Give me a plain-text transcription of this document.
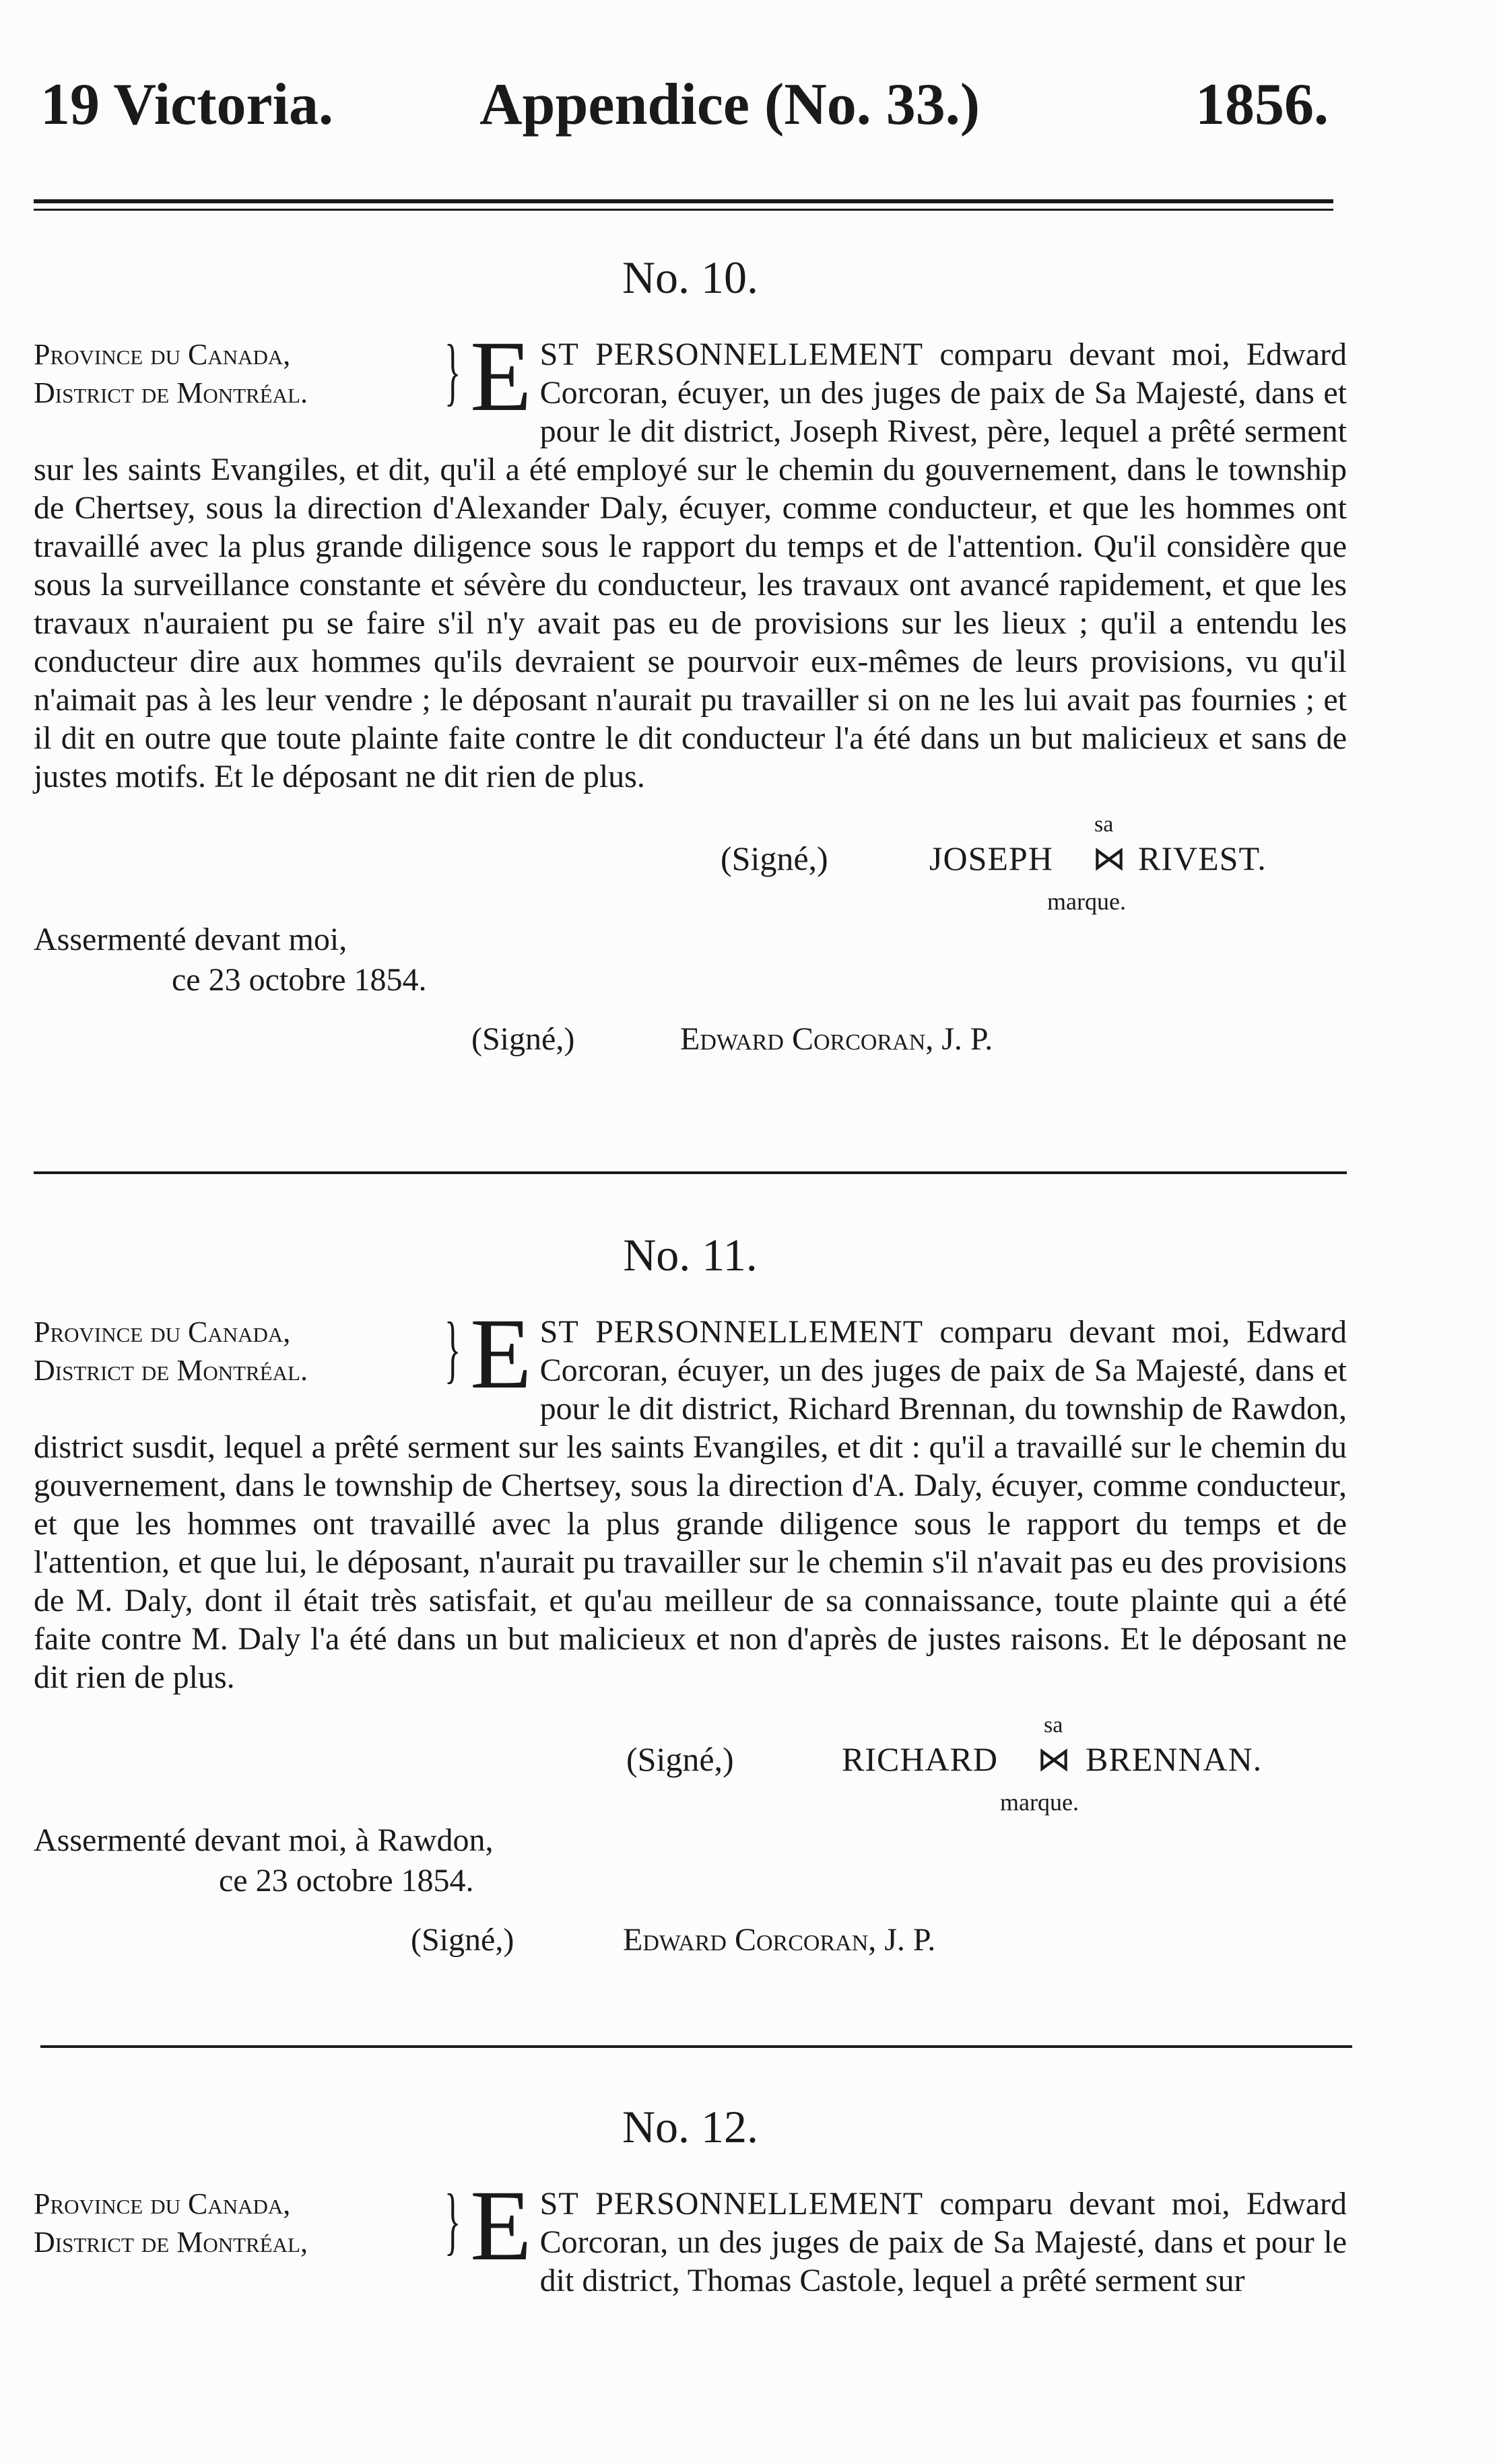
19 Victoria. Appendice (No. 33.)	1856.
No. 10.
Province du Canada,
District de Montréal.	} E ST PERSONNELLEMENT comparu devant moi, Edward Corcoran, écuyer, un des juges de paix de Sa Majesté, dans et pour le dit district, Joseph Rivest, père, lequel a prêté serment sur les saints Evangiles, et dit, qu'il a été employé sur le chemin du gouvernement, dans le township de Chertsey, sous la direction d'Alexander Daly, écuyer, comme conducteur, et que les hommes ont travaillé avec la plus grande diligence sous le rapport du temps et de l'attention. Qu'il considère que sous la surveillance constante et sévère du conducteur, les travaux ont avancé rapidement, et que les travaux n'auraient pu se faire s'il n'y avait pas eu de provisions sur les lieux ; qu'il a entendu les conducteur dire aux hommes qu'ils devraient se pourvoir eux-mêmes de leurs provisions, vu qu'il n'aimait pas à les leur vendre ; le déposant n'aurait pu travailler si on ne les lui avait pas fournies ; et il dit en outre que toute plainte faite contre le dit conducteur l'a été dans un but malicieux et sans de justes motifs. Et le déposant ne dit rien de plus.
(Signé,)	JOSEPH
sa
⋈ RIVEST.
marque.
Assermenté devant moi,
ce 23 octobre 1854.
(Signé,)	Edward Corcoran, J. P.
No. 11.
Province du Canada,
District de Montréal.	} E ST PERSONNELLEMENT comparu devant moi, Edward Corcoran, écuyer, un des juges de paix de Sa Majesté, dans et pour le dit district, Richard Brennan, du township de Rawdon, district susdit, lequel a prêté serment sur les saints Evangiles, et dit : qu'il a travaillé sur le chemin du gouvernement, dans le township de Chertsey, sous la direction d'A. Daly, écuyer, comme conducteur, et que les hommes ont travaillé avec la plus grande diligence sous le rapport du temps et de l'attention, et que lui, le déposant, n'aurait pu travailler sur le chemin s'il n'avait pas eu des provisions de M. Daly, dont il était très satisfait, et qu'au meilleur de sa connaissance, toute plainte qui a été faite contre M. Daly l'a été dans un but malicieux et non d'après de justes raisons. Et le déposant ne dit rien de plus.
(Signé,)	RICHARD
sa
⋈ BRENNAN.
marque.
Assermenté devant moi, à Rawdon,
ce 23 octobre 1854.
(Signé,)	Edward Corcoran, J. P.
No. 12.
Province du Canada,
District de Montréal,	} E ST PERSONNELLEMENT comparu devant moi, Edward Corcoran, un des juges de paix de Sa Majesté, dans et pour le dit district, Thomas Castole, lequel a prêté serment sur
